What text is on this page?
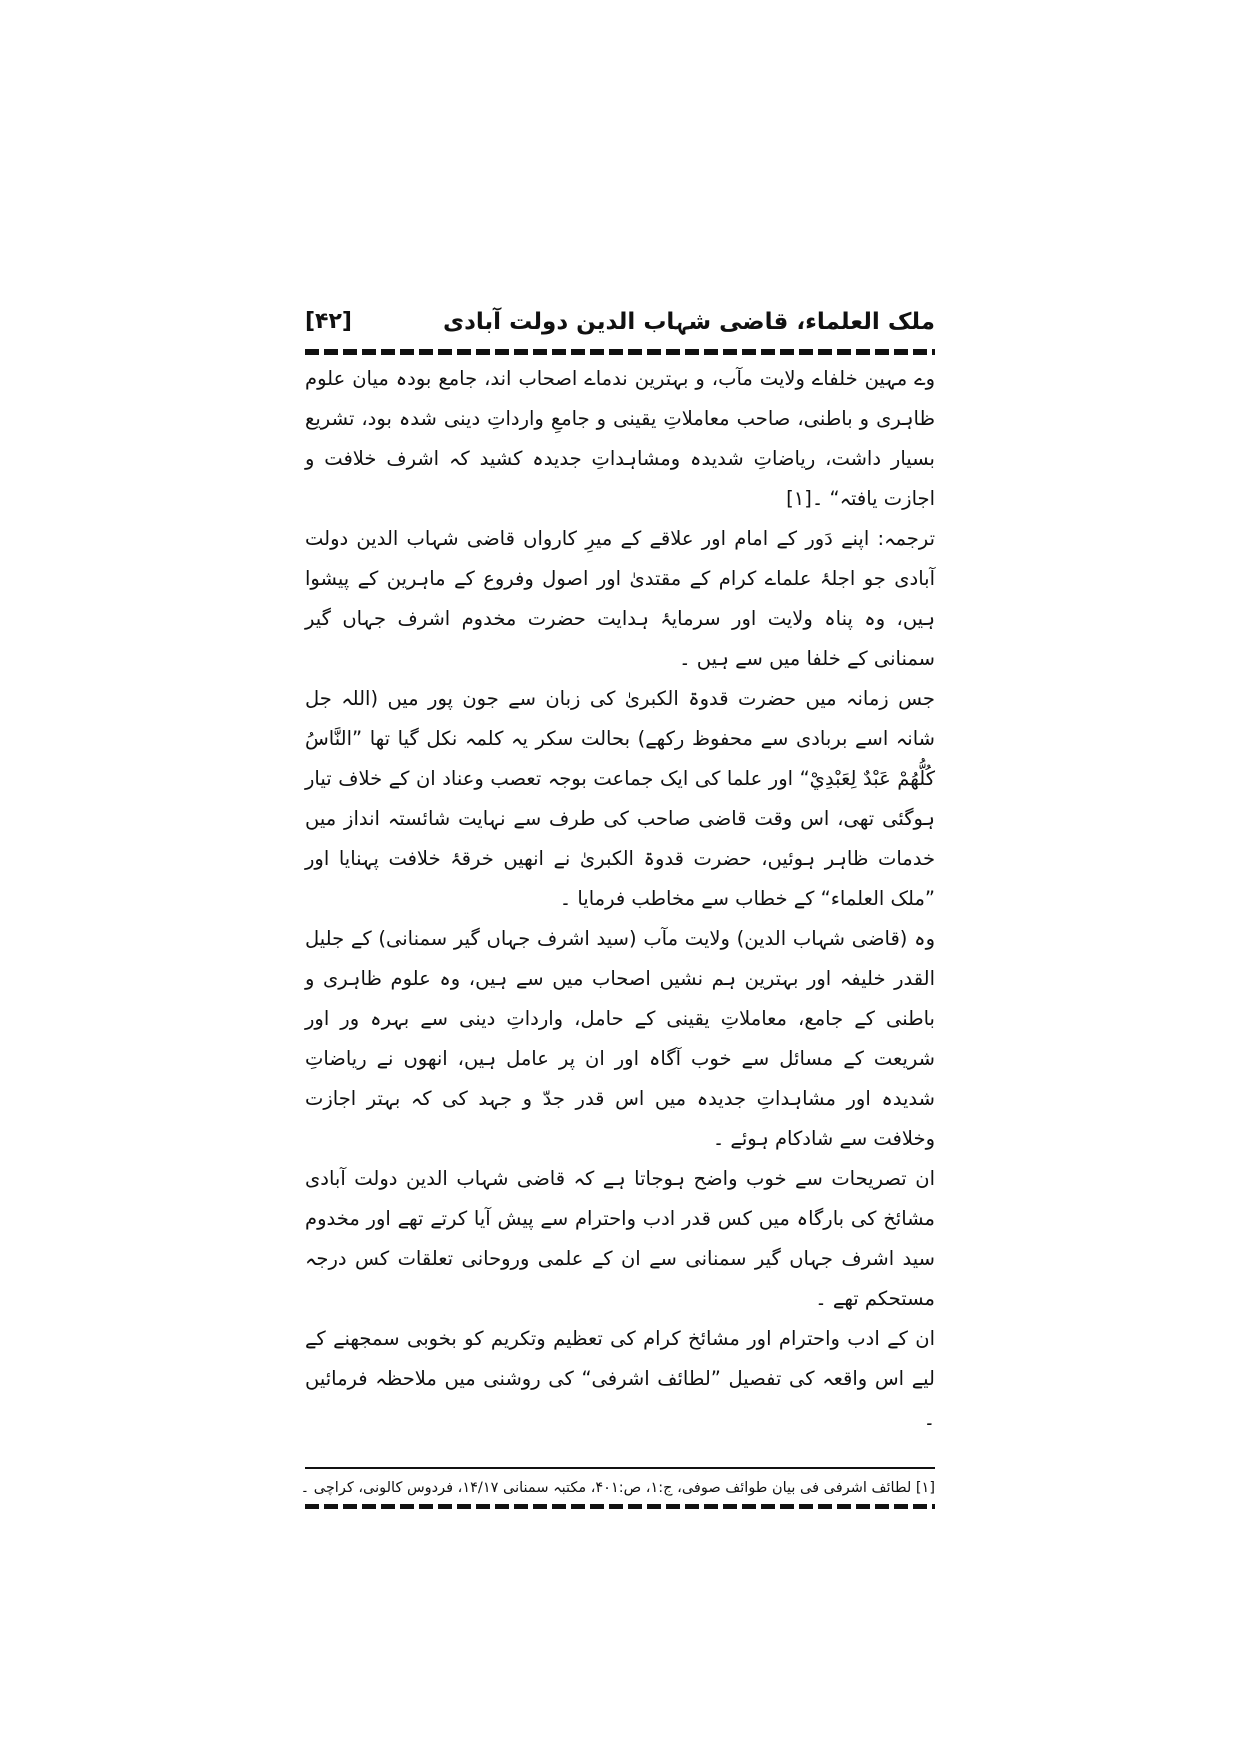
ملک العلماء، قاضی شہاب الدین دولت آبادی
[۴۲]

وے مہین خلفاے ولایت مآب، و بہترین ندماے اصحاب اند، جامع بودہ میان علوم ظاہری و باطنی، صاحب معاملاتِ یقینی و جامعِ وارداتِ دینی شدہ بود، تشریع بسیار داشت، ریاضاتِ شدیدہ ومشاہداتِ جدیدہ کشید کہ اشرف خلافت و اجازت یافتہ“ ۔[۱]

ترجمہ: اپنے دَور کے امام اور علاقے کے میرِ کارواں قاضی شہاب الدین دولت آبادی جو اجلۂ علماے کرام کے مقتدیٰ اور اصول وفروع کے ماہرین کے پیشوا ہیں، وہ پناہ ولایت اور سرمایۂ ہدایت حضرت مخدوم اشرف جہاں گیر سمنانی کے خلفا میں سے ہیں ۔

جس زمانہ میں حضرت قدوۃ الکبریٰ کی زبان سے جون پور میں (اللہ جل شانہ اسے بربادی سے محفوظ رکھے) بحالت سکر یہ کلمہ نکل گیا تھا ”النَّاسُ كُلُّهُمْ عَبْدٌ لِعَبْدِيْ“ اور علما کی ایک جماعت بوجہ تعصب وعناد ان کے خلاف تیار ہوگئی تھی، اس وقت قاضی صاحب کی طرف سے نہایت شائستہ انداز میں خدمات ظاہر ہوئیں، حضرت قدوۃ الکبریٰ نے انھیں خرقۂ خلافت پہنایا اور ”ملک العلماء“ کے خطاب سے مخاطب فرمایا ۔

وہ (قاضی شہاب الدین) ولایت مآب (سید اشرف جہاں گیر سمنانی) کے جلیل القدر خلیفہ اور بہترین ہم نشیں اصحاب میں سے ہیں، وہ علوم ظاہری و باطنی کے جامع، معاملاتِ یقینی کے حامل، وارداتِ دینی سے بہرہ ور اور شریعت کے مسائل سے خوب آگاہ اور ان پر عامل ہیں، انھوں نے ریاضاتِ شدیدہ اور مشاہداتِ جدیدہ میں اس قدر جدّ و جہد کی کہ بہتر اجازت وخلافت سے شادکام ہوئے ۔

ان تصریحات سے خوب واضح ہوجاتا ہے کہ قاضی شہاب الدین دولت آبادی مشائخ کی بارگاہ میں کس قدر ادب واحترام سے پیش آیا کرتے تھے اور مخدوم سید اشرف جہاں گیر سمنانی سے ان کے علمی وروحانی تعلقات کس درجہ مستحکم تھے ۔

ان کے ادب واحترام اور مشائخ کرام کی تعظیم وتکریم کو بخوبی سمجھنے کے لیے اس واقعہ کی تفصیل ”لطائف اشرفی“ کی روشنی میں ملاحظہ فرمائیں ۔

[۱] لطائف اشرفی فی بیان طوائف صوفی، ج:۱، ص:۴۰۱، مکتبہ سمنانی ۱۴/۱۷، فردوس کالونی، کراچی ۔
